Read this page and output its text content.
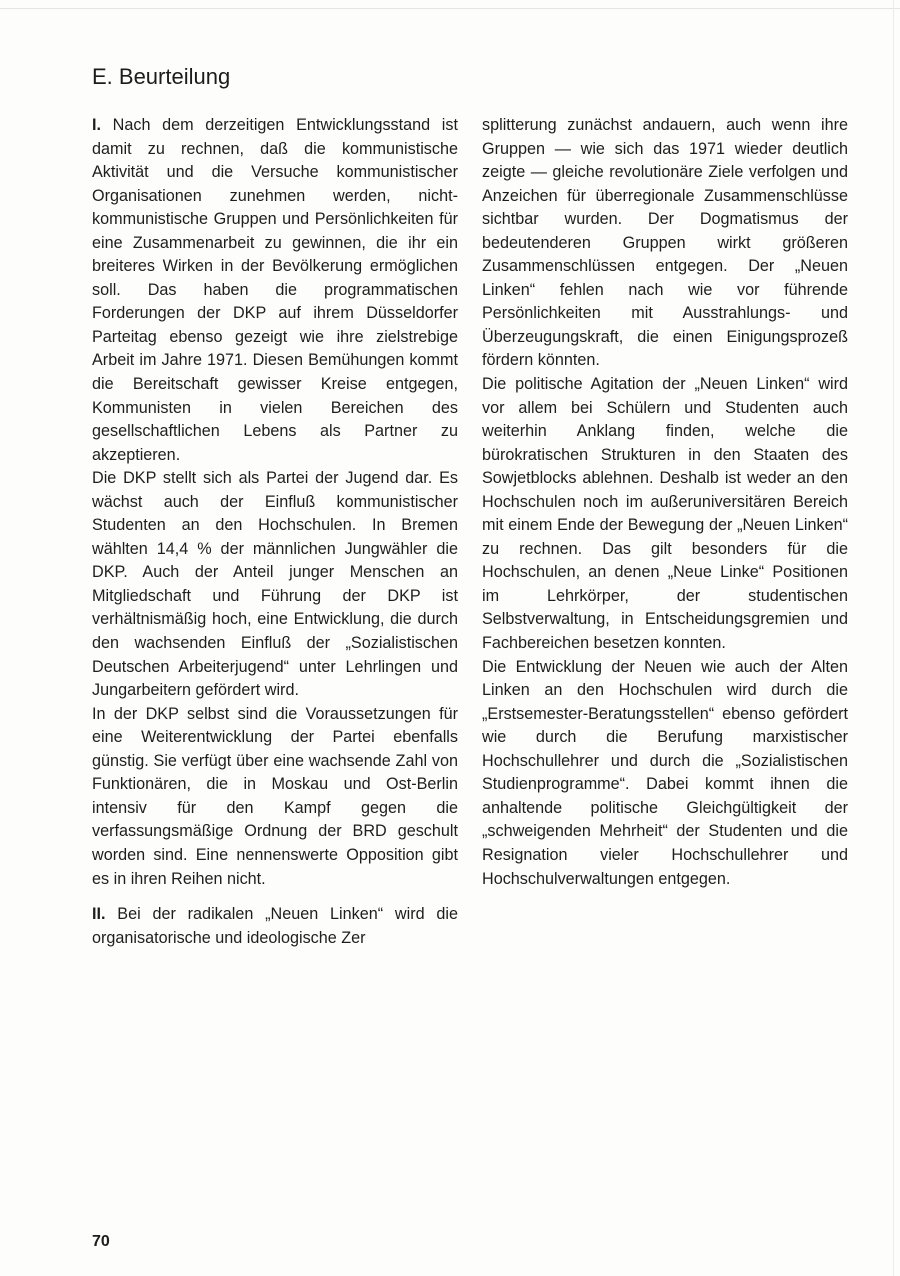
E. Beurteilung

I. Nach dem derzeitigen Entwicklungsstand ist damit zu rechnen, daß die kommunistische Aktivität und die Versuche kommunistischer Organisationen zunehmen werden, nichtkommunistische Gruppen und Persönlichkeiten für eine Zusammenarbeit zu gewinnen, die ihr ein breiteres Wirken in der Bevölkerung ermöglichen soll. Das haben die programmatischen Forderungen der DKP auf ihrem Düsseldorfer Parteitag ebenso gezeigt wie ihre zielstrebige Arbeit im Jahre 1971. Diesen Bemühungen kommt die Bereitschaft gewisser Kreise entgegen, Kommunisten in vielen Bereichen des gesellschaftlichen Lebens als Partner zu akzeptieren.

Die DKP stellt sich als Partei der Jugend dar. Es wächst auch der Einfluß kommunistischer Studenten an den Hochschulen. In Bremen wählten 14,4 % der männlichen Jungwähler die DKP. Auch der Anteil junger Menschen an Mitgliedschaft und Führung der DKP ist verhältnismäßig hoch, eine Entwicklung, die durch den wachsenden Einfluß der „Sozialistischen Deutschen Arbeiterjugend“ unter Lehrlingen und Jungarbeitern gefördert wird.

In der DKP selbst sind die Voraussetzungen für eine Weiterentwicklung der Partei ebenfalls günstig. Sie verfügt über eine wachsende Zahl von Funktionären, die in Moskau und Ost-Berlin intensiv für den Kampf gegen die verfassungsmäßige Ordnung der BRD geschult worden sind. Eine nennenswerte Opposition gibt es in ihren Reihen nicht.

II. Bei der radikalen „Neuen Linken“ wird die organisatorische und ideologische Zer

splitterung zunächst andauern, auch wenn ihre Gruppen — wie sich das 1971 wieder deutlich zeigte — gleiche revolutionäre Ziele verfolgen und Anzeichen für überregionale Zusammenschlüsse sichtbar wurden. Der Dogmatismus der bedeutenderen Gruppen wirkt größeren Zusammenschlüssen entgegen. Der „Neuen Linken“ fehlen nach wie vor führende Persönlichkeiten mit Ausstrahlungs- und Überzeugungskraft, die einen Einigungsprozeß fördern könnten.

Die politische Agitation der „Neuen Linken“ wird vor allem bei Schülern und Studenten auch weiterhin Anklang finden, welche die bürokratischen Strukturen in den Staaten des Sowjetblocks ablehnen. Deshalb ist weder an den Hochschulen noch im außeruniversitären Bereich mit einem Ende der Bewegung der „Neuen Linken“ zu rechnen. Das gilt besonders für die Hochschulen, an denen „Neue Linke“ Positionen im Lehrkörper, der studentischen Selbstverwaltung, in Entscheidungsgremien und Fachbereichen besetzen konnten.

Die Entwicklung der Neuen wie auch der Alten Linken an den Hochschulen wird durch die „Erstsemester-Beratungsstellen“ ebenso gefördert wie durch die Berufung marxistischer Hochschullehrer und durch die „Sozialistischen Studienprogramme“. Dabei kommt ihnen die anhaltende politische Gleichgültigkeit der „schweigenden Mehrheit“ der Studenten und die Resignation vieler Hochschullehrer und Hochschulverwaltungen entgegen.

70
